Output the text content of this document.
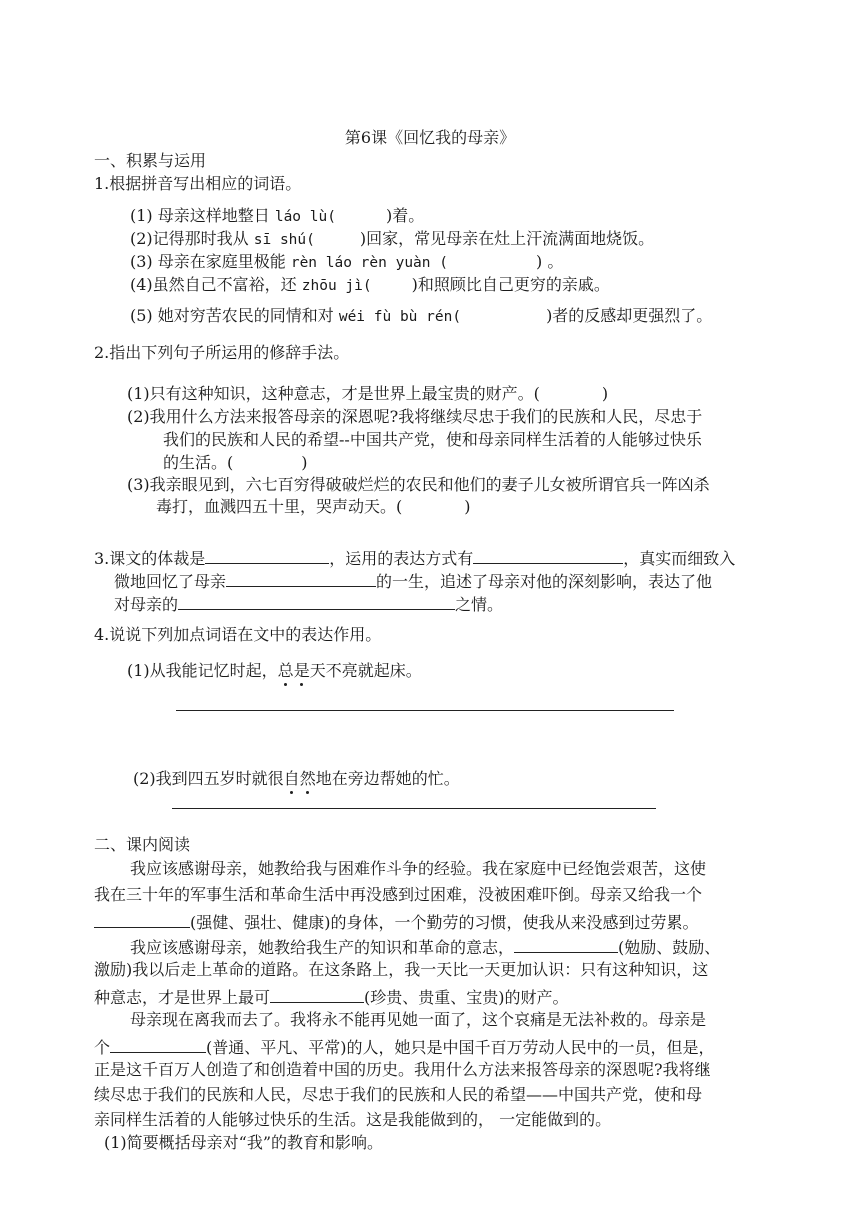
第6课《回忆我的母亲》
一、积累与运用
1.根据拼音写出相应的词语。
(1) 母亲这样地整日 láo lù(	)着。
(2)记得那时我从 sī shú(	)回家，常见母亲在灶上汗流满面地烧饭。
(3) 母亲在家庭里极能 rèn láo rèn yuàn (	) 。
(4)虽然自己不富裕，还 zhōu jì(	)和照顾比自己更穷的亲戚。
(5) 她对穷苦农民的同情和对 wéi fù bù rén(	)者的反感却更强烈了。
2.指出下列句子所运用的修辞手法。
(1)只有这种知识，这种意志，才是世界上最宝贵的财产。(	)
(2)我用什么方法来报答母亲的深恩呢?我将继续尽忠于我们的民族和人民，尽忠于
我们的民族和人民的希望--中国共产党，使和母亲同样生活着的人能够过快乐
的生活。(	)
(3)我亲眼见到，六七百穷得破破烂烂的农民和他们的妻子儿女被所谓官兵一阵凶杀
毒打，血溅四五十里，哭声动天。(	)
3.课文的体裁是	，运用的表达方式有	，真实而细致入
微地回忆了母亲	的一生，追述了母亲对他的深刻影响，表达了他
对母亲的	之情。
4.说说下列加点词语在文中的表达作用。
(1)从我能记忆时起，总是天不亮就起床。
(2)我到四五岁时就很自然地在旁边帮她的忙。
二、课内阅读
我应该感谢母亲，她教给我与困难作斗争的经验。我在家庭中已经饱尝艰苦，这使
我在三十年的军事生活和革命生活中再没感到过困难，没被困难吓倒。母亲又给我一个
(强健、强壮、健康)的身体，一个勤劳的习惯，使我从来没感到过劳累。
我应该感谢母亲，她教给我生产的知识和革命的意志，	(勉励、鼓励、
激励)我以后走上革命的道路。在这条路上，我一天比一天更加认识：只有这种知识，这
种意志，才是世界上最可	(珍贵、贵重、宝贵)的财产。
母亲现在离我而去了。我将永不能再见她一面了，这个哀痛是无法补救的。母亲是
个	(普通、平凡、平常)的人，她只是中国千百万劳动人民中的一员，但是，
正是这千百万人创造了和创造着中国的历史。我用什么方法来报答母亲的深恩呢?我将继
续尽忠于我们的民族和人民，尽忠于我们的民族和人民的希望——中国共产党，使和母
亲同样生活着的人能够过快乐的生活。这是我能做到的， 一定能做到的。
(1)简要概括母亲对“我”的教育和影响。
